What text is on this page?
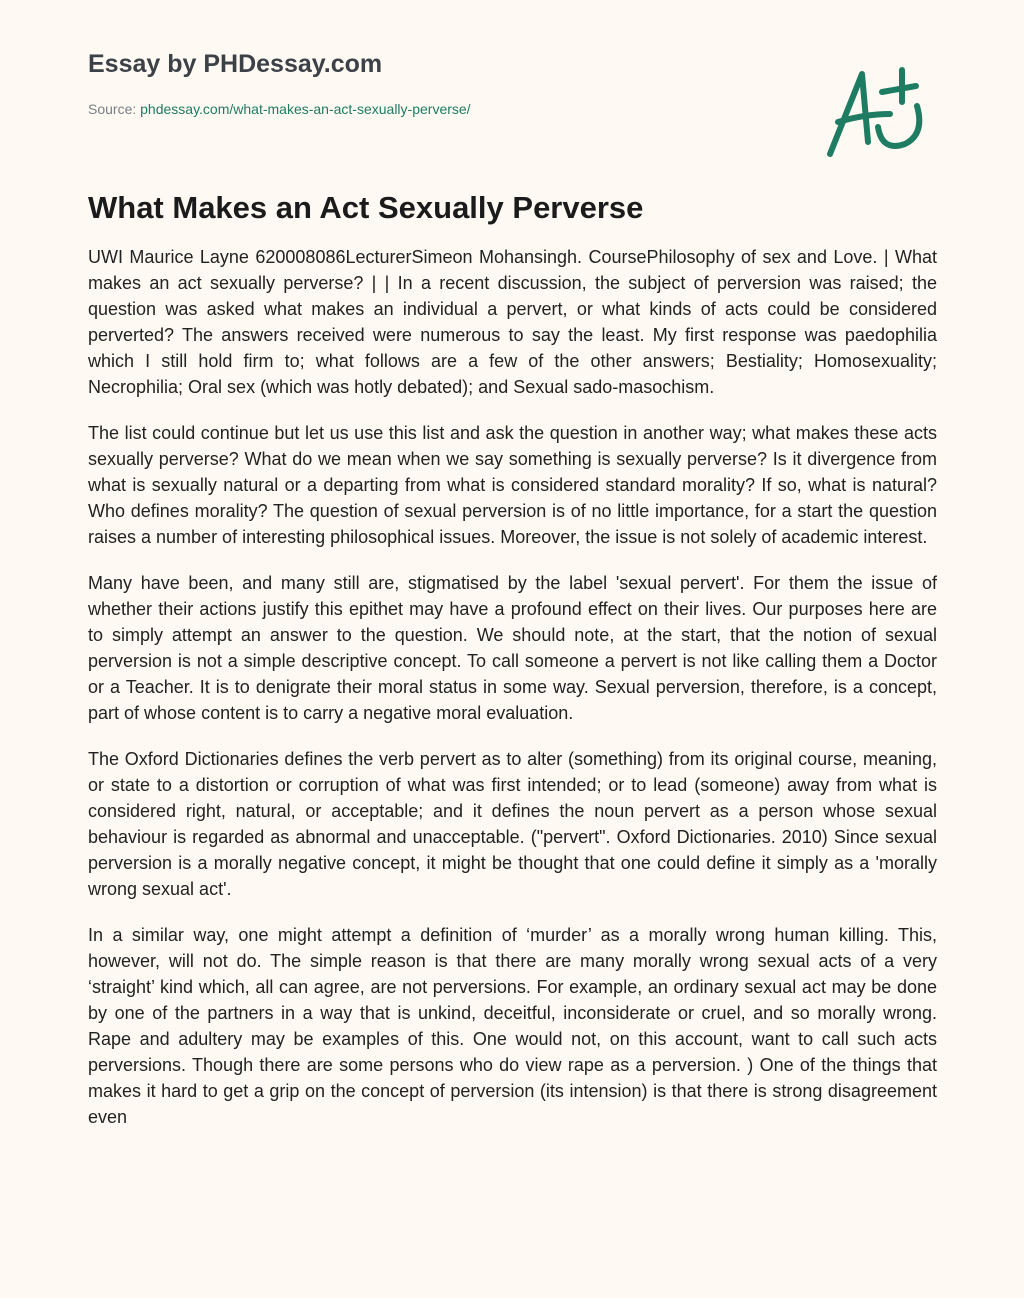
Essay by PHDessay.com
Source: phdessay.com/what-makes-an-act-sexually-perverse/
What Makes an Act Sexually Perverse

UWI Maurice Layne 620008086LecturerSimeon Mohansingh. CoursePhilosophy of sex and Love. | What makes an act sexually perverse? | | In a recent discussion, the subject of perversion was raised; the question was asked what makes an individual a pervert, or what kinds of acts could be considered perverted? The answers received were numerous to say the least. My first response was paedophilia which I still hold firm to; what follows are a few of the other answers; Bestiality; Homosexuality; Necrophilia; Oral sex (which was hotly debated); and Sexual sado-masochism.

The list could continue but let us use this list and ask the question in another way; what makes these acts sexually perverse? What do we mean when we say something is sexually perverse? Is it divergence from what is sexually natural or a departing from what is considered standard morality? If so, what is natural? Who defines morality? The question of sexual perversion is of no little importance, for a start the question raises a number of interesting philosophical issues. Moreover, the issue is not solely of academic interest.

Many have been, and many still are, stigmatised by the label 'sexual pervert'. For them the issue of whether their actions justify this epithet may have a profound effect on their lives. Our purposes here are to simply attempt an answer to the question. We should note, at the start, that the notion of sexual perversion is not a simple descriptive concept. To call someone a pervert is not like calling them a Doctor or a Teacher. It is to denigrate their moral status in some way. Sexual perversion, therefore, is a concept, part of whose content is to carry a negative moral evaluation.

The Oxford Dictionaries defines the verb pervert as to alter (something) from its original course, meaning, or state to a distortion or corruption of what was first intended; or to lead (someone) away from what is considered right, natural, or acceptable; and it defines the noun pervert as a person whose sexual behaviour is regarded as abnormal and unacceptable. ("pervert". Oxford Dictionaries. 2010) Since sexual perversion is a morally negative concept, it might be thought that one could define it simply as a 'morally wrong sexual act'.

In a similar way, one might attempt a definition of ‘murder’ as a morally wrong human killing. This, however, will not do. The simple reason is that there are many morally wrong sexual acts of a very ‘straight’ kind which, all can agree, are not perversions. For example, an ordinary sexual act may be done by one of the partners in a way that is unkind, deceitful, inconsiderate or cruel, and so morally wrong. Rape and adultery may be examples of this. One would not, on this account, want to call such acts perversions. Though there are some persons who do view rape as a perversion. ) One of the things that makes it hard to get a grip on the concept of perversion (its intension) is that there is strong disagreement even
